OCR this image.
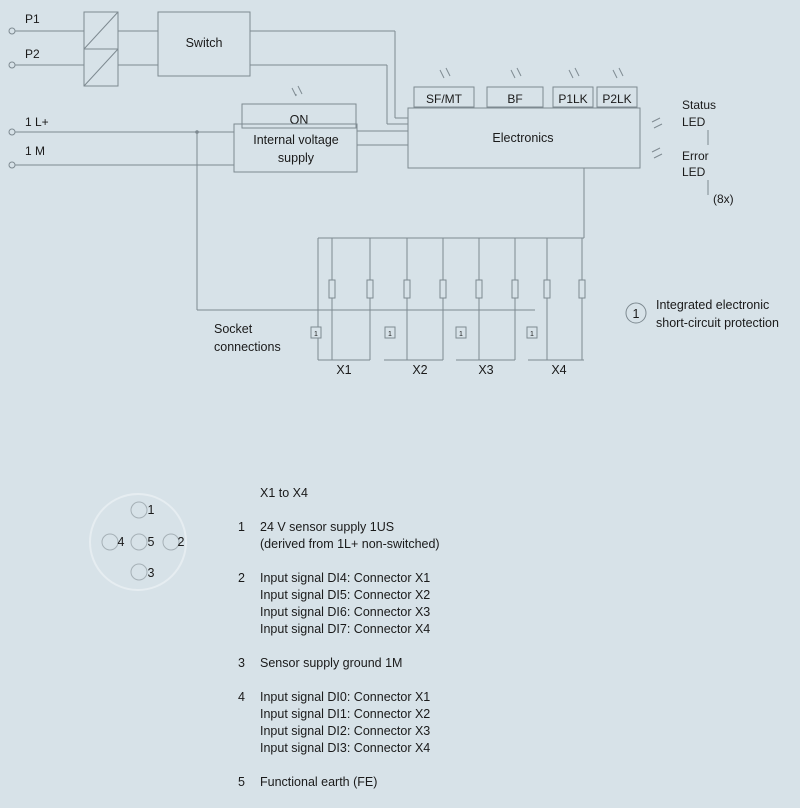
P1
P2
1 L+
1 M
Switch
ON
Internal voltage
supply
Electronics
SF/MT	BF	P1LK P2LK	Status
LED
Error
LED
(8x)
1	1	1	1
Socket
connections
X1	X2	X3	X4
1
Integrated electronic
short-circuit protection
1
2
3
4 5
X1 to X4
1	24 V sensor supply 1US
(derived from 1L+ non-switched)
2	Input signal DI4: Connector X1
Input signal DI5: Connector X2
Input signal DI6: Connector X3
Input signal DI7: Connector X4
3	Sensor supply ground 1M
4	Input signal DI0: Connector X1
Input signal DI1: Connector X2
Input signal DI2: Connector X3
Input signal DI3: Connector X4
5	Functional earth (FE)
